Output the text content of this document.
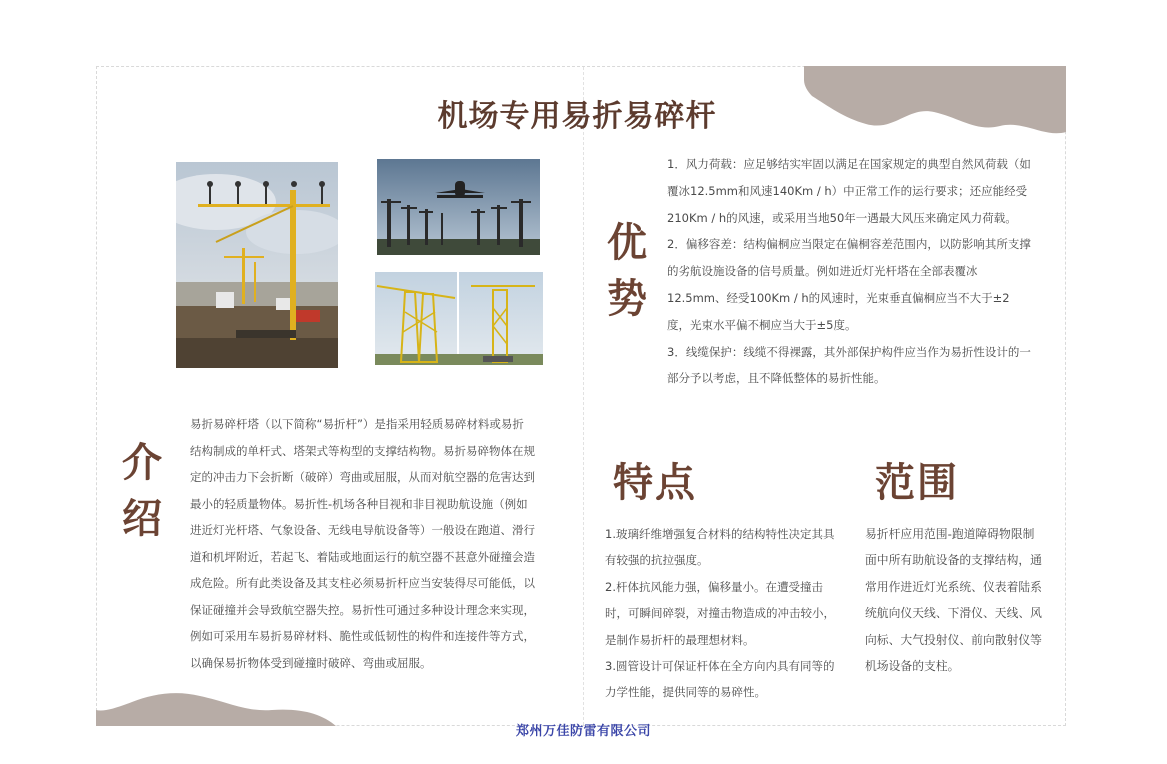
机场专用易折易碎杆
介
绍
易折易碎杆塔（以下简称“易折杆”）是指采用轻质易碎材料或易折结构制成的单杆式、塔架式等构型的支撑结构物。易折易碎物体在规定的冲击力下会折断（破碎）弯曲或屈服，从而对航空器的危害达到最小的轻质量物体。易折性-机场各种目视和非目视助航设施（例如进近灯光杆塔、气象设备、无线电导航设备等）一般设在跑道、滑行道和机坪附近，若起飞、着陆或地面运行的航空器不甚意外碰撞会造成危险。所有此类设备及其支柱必须易折杆应当安装得尽可能低，以保证碰撞并会导致航空器失控。易折性可通过多种设计理念来实现，例如可采用车易折易碎材料、脆性或低韧性的构件和连接件等方式，以确保易折物体受到碰撞时破碎、弯曲或屈服。
优
势

1．风力荷载：应足够结实牢固以满足在国家规定的典型自然风荷载（如覆冰12.5mm和风速140Km / h）中正常工作的运行要求；还应能经受210Km / h的风速，或采用当地50年一遇最大风压来确定风力荷载。

2．偏移容差：结构偏桐应当限定在偏桐容差范围内，以防影响其所支撑的劣航设施设备的信号质量。例如进近灯光杆塔在全部表覆冰12.5mm、经受100Km / h的风速时，光束垂直偏桐应当不大于±2度，光束水平偏不桐应当大于±5度。

3．线缆保护：线缆不得裸露，其外部保护构件应当作为易折性设计的一部分予以考虑，且不降低整体的易折性能。

特点

1.玻璃纤维增强复合材料的结构特性决定其具有较强的抗拉强度。

2.杆体抗风能力强，偏移量小。在遭受撞击时，可瞬间碎裂，对撞击物造成的冲击较小，是制作易折杆的最理想材料。

3.圆管设计可保证杆体在全方向内具有同等的力学性能，提供同等的易碎性。

范围
易折杆应用范围-跑道障碍物限制面中所有助航设备的支撑结构，通常用作进近灯光系统、仪表着陆系统航向仪天线、下滑仪、天线、风向标、大气投射仪、前向散射仪等机场设备的支柱。
郑州万佳防雷有限公司
